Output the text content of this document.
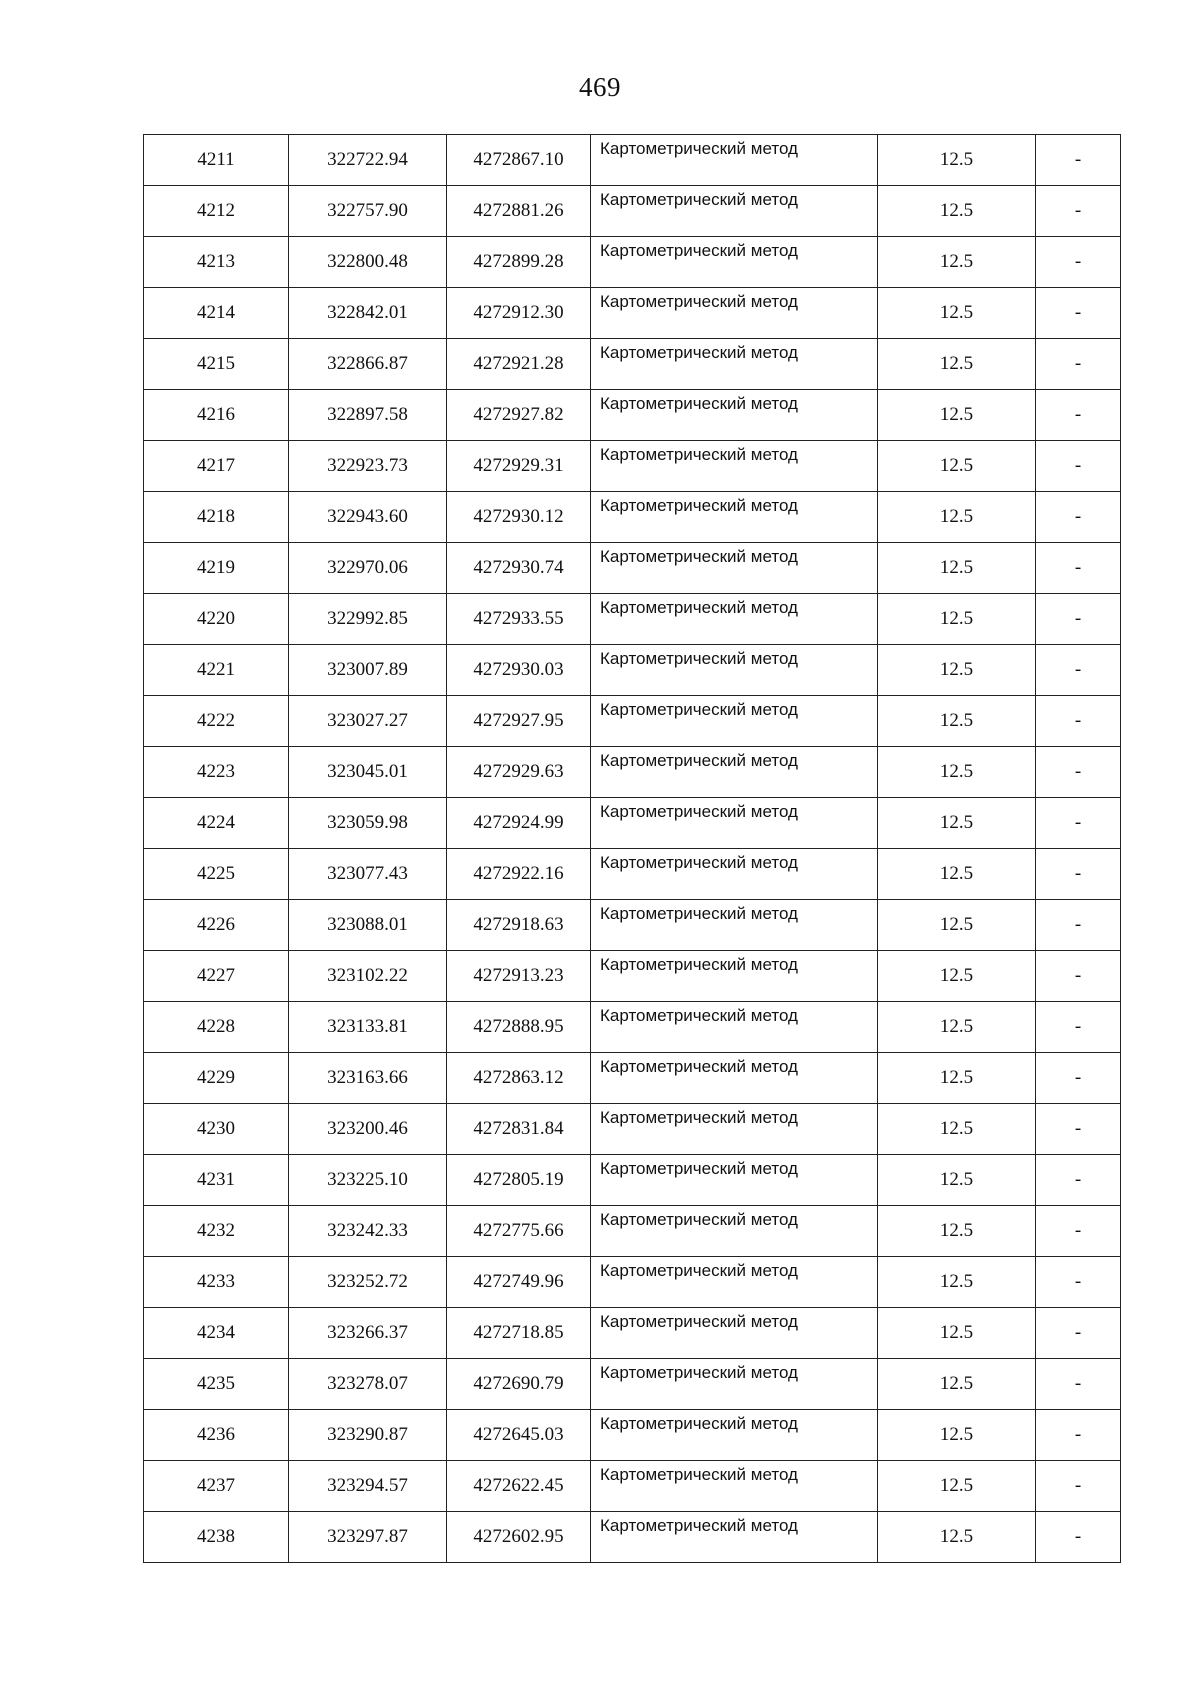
469
4211	322722.94	4272867.10	Картометрический метод	12.5	-
4212	322757.90	4272881.26	Картометрический метод	12.5	-
4213	322800.48	4272899.28	Картометрический метод	12.5	-
4214	322842.01	4272912.30	Картометрический метод	12.5	-
4215	322866.87	4272921.28	Картометрический метод	12.5	-
4216	322897.58	4272927.82	Картометрический метод	12.5	-
4217	322923.73	4272929.31	Картометрический метод	12.5	-
4218	322943.60	4272930.12	Картометрический метод	12.5	-
4219	322970.06	4272930.74	Картометрический метод	12.5	-
4220	322992.85	4272933.55	Картометрический метод	12.5	-
4221	323007.89	4272930.03	Картометрический метод	12.5	-
4222	323027.27	4272927.95	Картометрический метод	12.5	-
4223	323045.01	4272929.63	Картометрический метод	12.5	-
4224	323059.98	4272924.99	Картометрический метод	12.5	-
4225	323077.43	4272922.16	Картометрический метод	12.5	-
4226	323088.01	4272918.63	Картометрический метод	12.5	-
4227	323102.22	4272913.23	Картометрический метод	12.5	-
4228	323133.81	4272888.95	Картометрический метод	12.5	-
4229	323163.66	4272863.12	Картометрический метод	12.5	-
4230	323200.46	4272831.84	Картометрический метод	12.5	-
4231	323225.10	4272805.19	Картометрический метод	12.5	-
4232	323242.33	4272775.66	Картометрический метод	12.5	-
4233	323252.72	4272749.96	Картометрический метод	12.5	-
4234	323266.37	4272718.85	Картометрический метод	12.5	-
4235	323278.07	4272690.79	Картометрический метод	12.5	-
4236	323290.87	4272645.03	Картометрический метод	12.5	-
4237	323294.57	4272622.45	Картометрический метод	12.5	-
4238	323297.87	4272602.95	Картометрический метод	12.5	-
